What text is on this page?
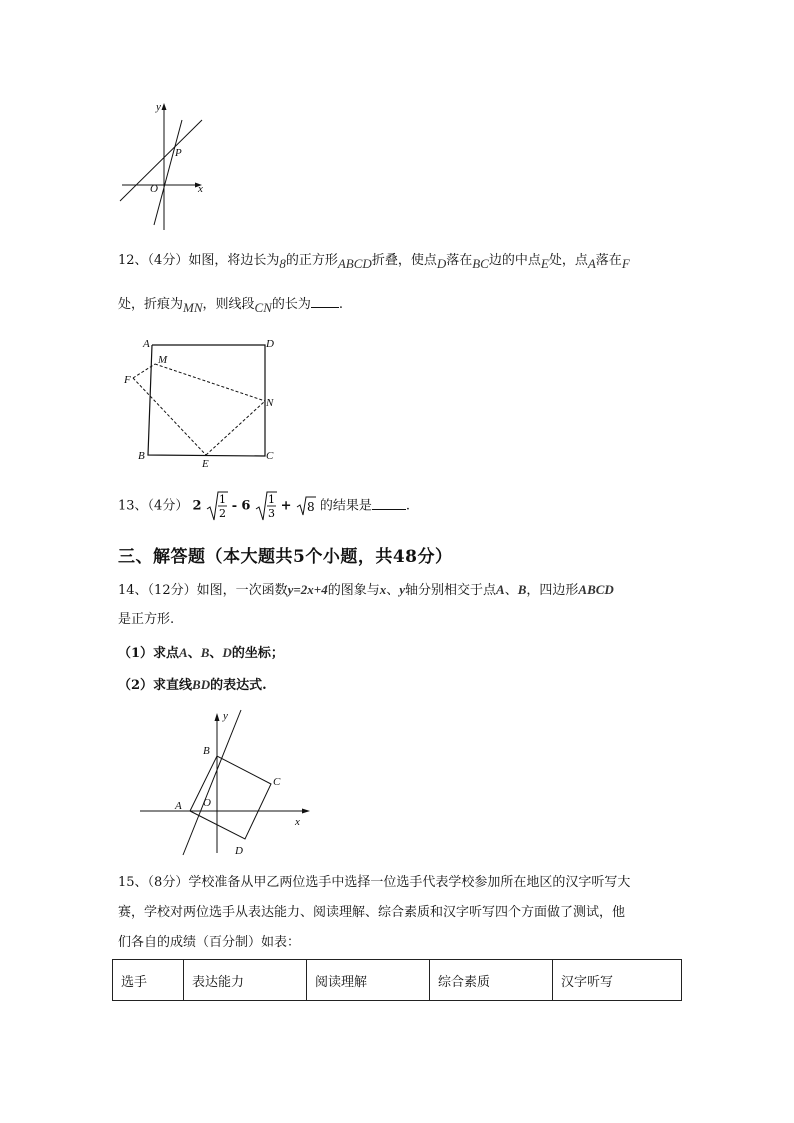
y
x
O
P
12、（4分）如图，将边长为8的正方形ABCD折叠，使点D落在BC边的中点E处，点A落在F
处，折痕为MN，则线段CN的长为 .
A
M
D
F
N
B
E
C
13、（4分） 2 1
2 - 6 1
3 + 8 的结果是	.
三、解答题（本大题共5个小题，共48分）
14、（12分）如图，一次函数y=2x+4的图象与x、y轴分别相交于点A、B，四边形ABCD
是正方形.
（1）求点A、B、D的坐标；
（2）求直线BD的表达式.
y
x
B
C
A O
D
15、（8分）学校准备从甲乙两位选手中选择一位选手代表学校参加所在地区的汉字听写大
赛，学校对两位选手从表达能力、阅读理解、综合素质和汉字听写四个方面做了测试，他
们各自的成绩（百分制）如表：
选手	表达能力	阅读理解	综合素质	汉字听写
